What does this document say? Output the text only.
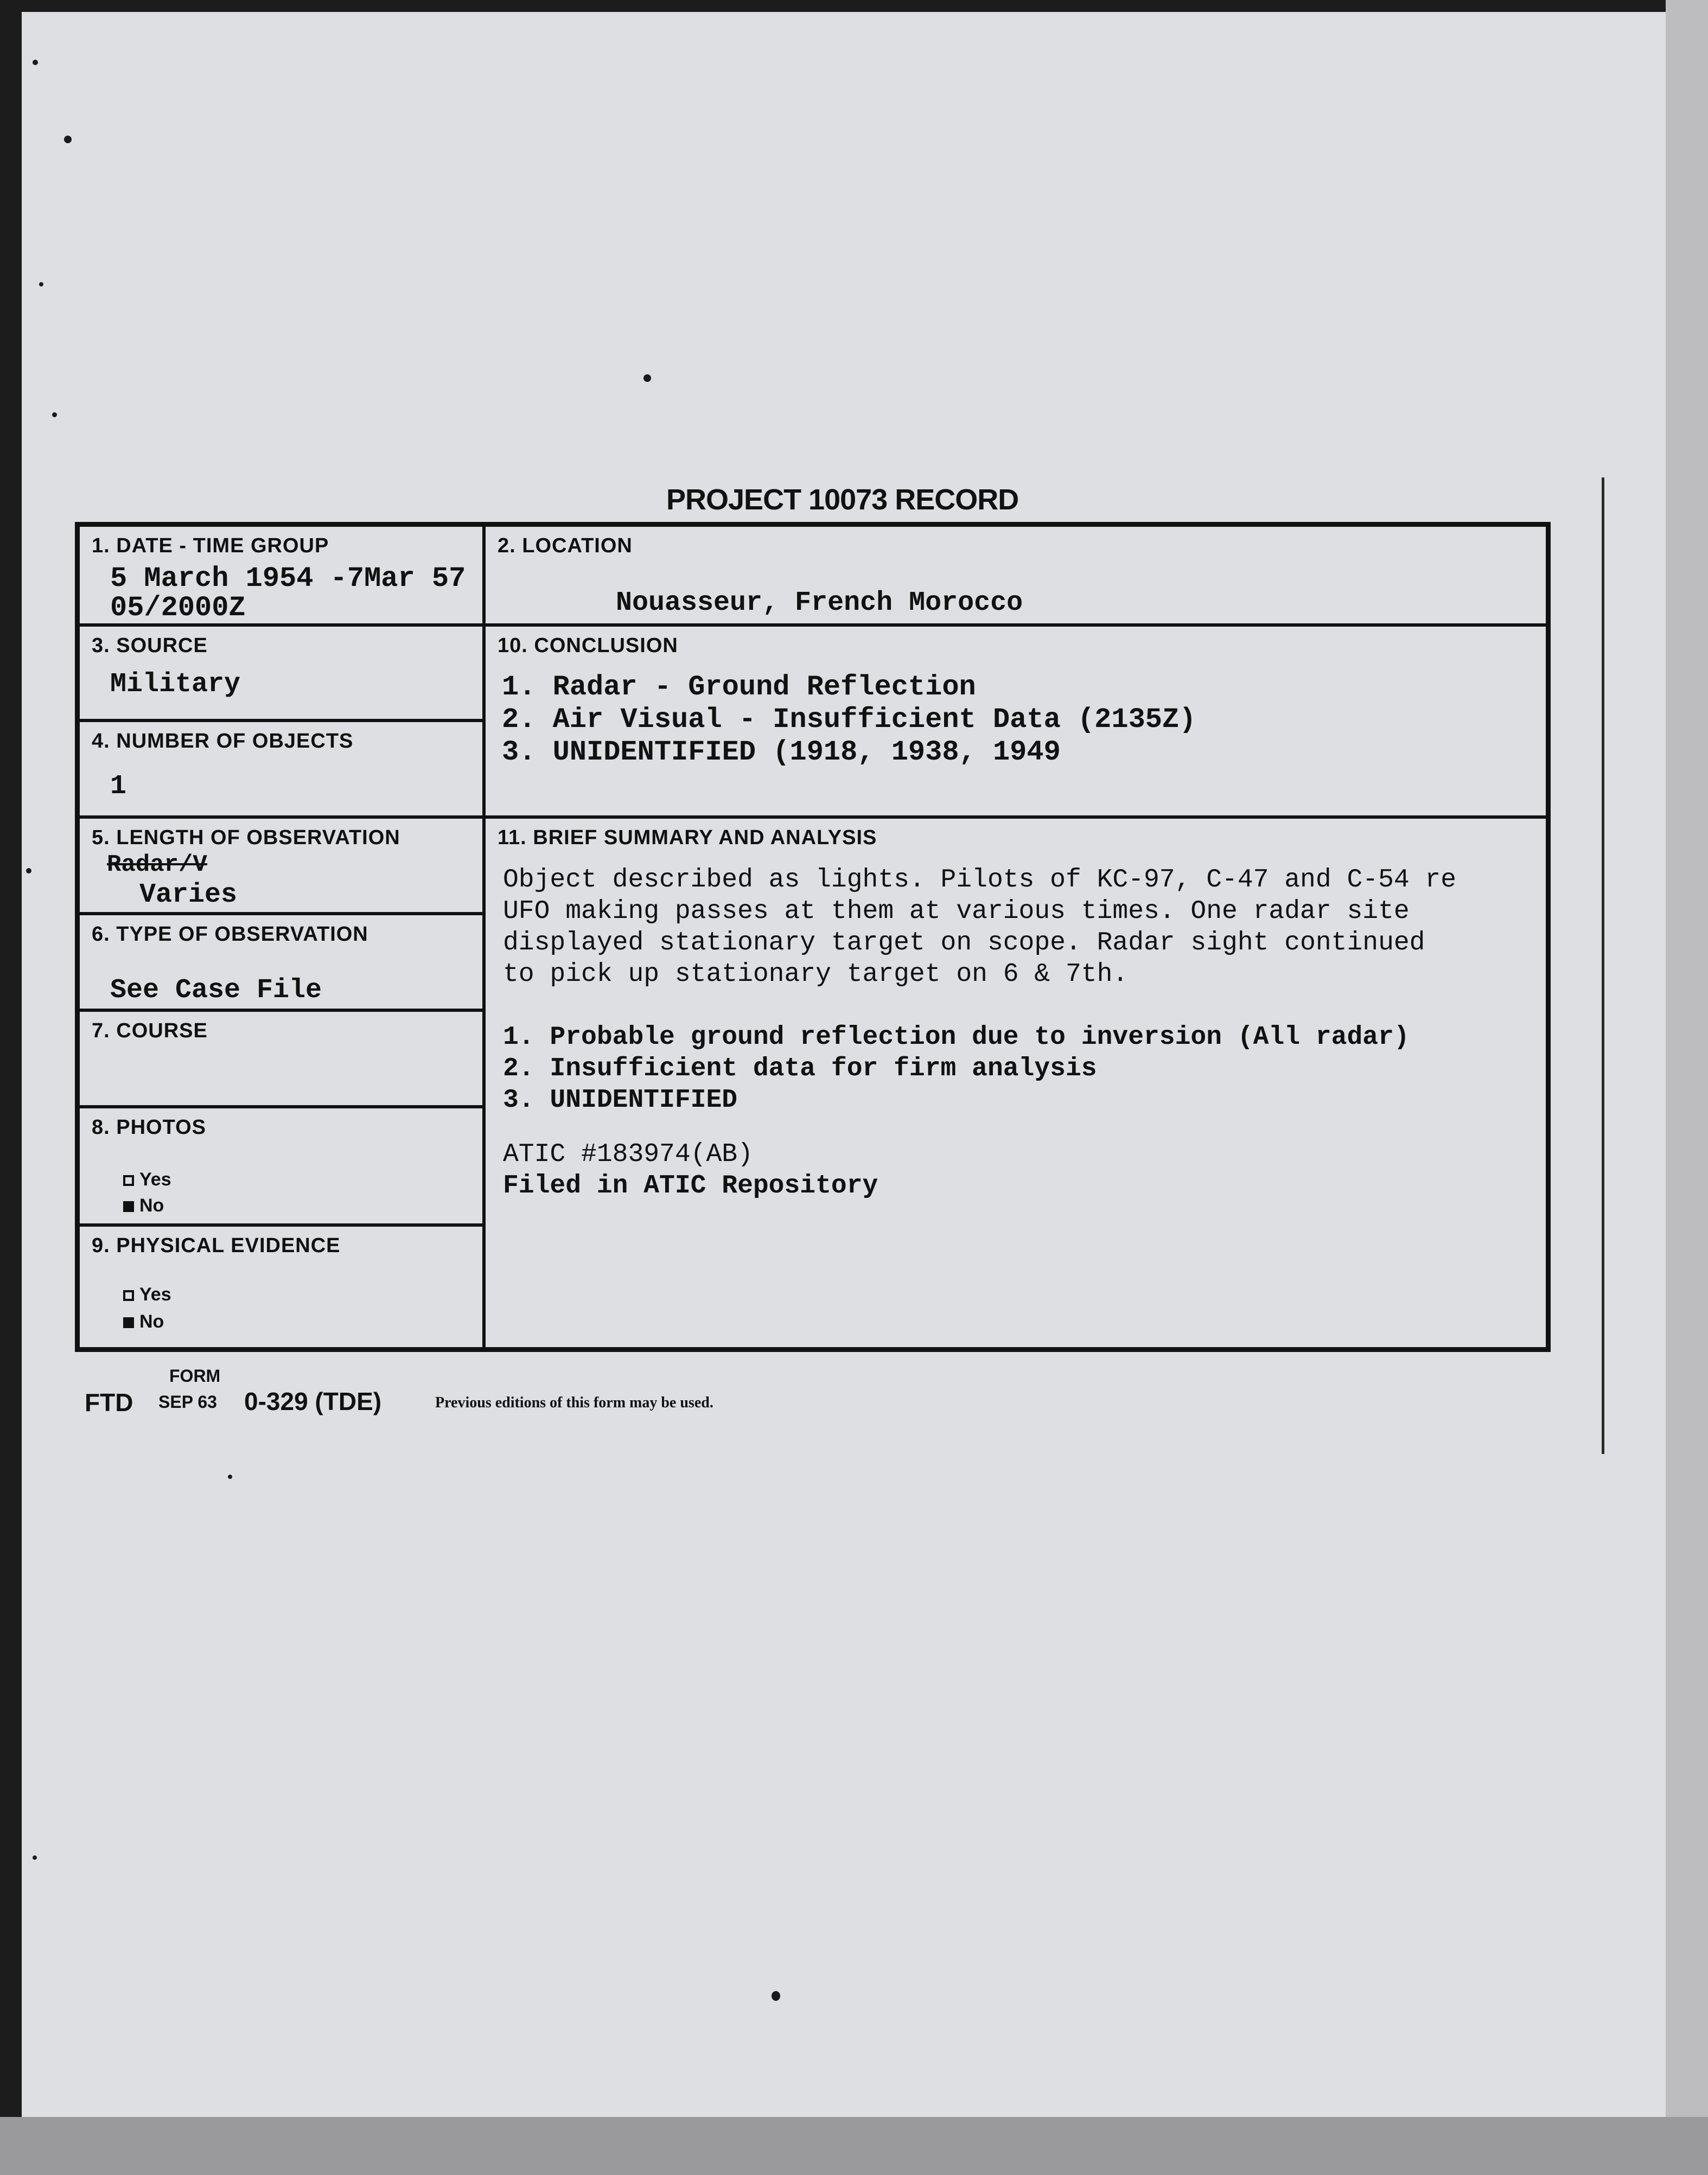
PROJECT 10073 RECORD

1. DATE - TIME GROUP

5 March 1954 -7Mar 57

05/2000Z

3. SOURCE

Military

4. NUMBER OF OBJECTS

1

5. LENGTH OF OBSERVATION

Radar/V

Varies

6. TYPE OF OBSERVATION

See Case File

7. COURSE

8. PHOTOS

Yes

No

9. PHYSICAL EVIDENCE

Yes

No

2. LOCATION

Nouasseur, French Morocco

10. CONCLUSION

1. Radar - Ground Reflection

2. Air Visual - Insufficient Data (2135Z)

3. UNIDENTIFIED (1918, 1938, 1949

11. BRIEF SUMMARY AND ANALYSIS

Object described as lights. Pilots of KC-97, C-47 and C-54 re

UFO making passes at them at various times. One radar site

displayed stationary target on scope. Radar sight continued

to pick up stationary target on 6 & 7th.

1. Probable ground reflection due to inversion (All radar)

2. Insufficient data for firm analysis

3. UNIDENTIFIED

ATIC #183974(AB)

Filed in ATIC Repository

FORM

FTD SEP 63 0-329 (TDE)	Previous editions of this form may be used.
